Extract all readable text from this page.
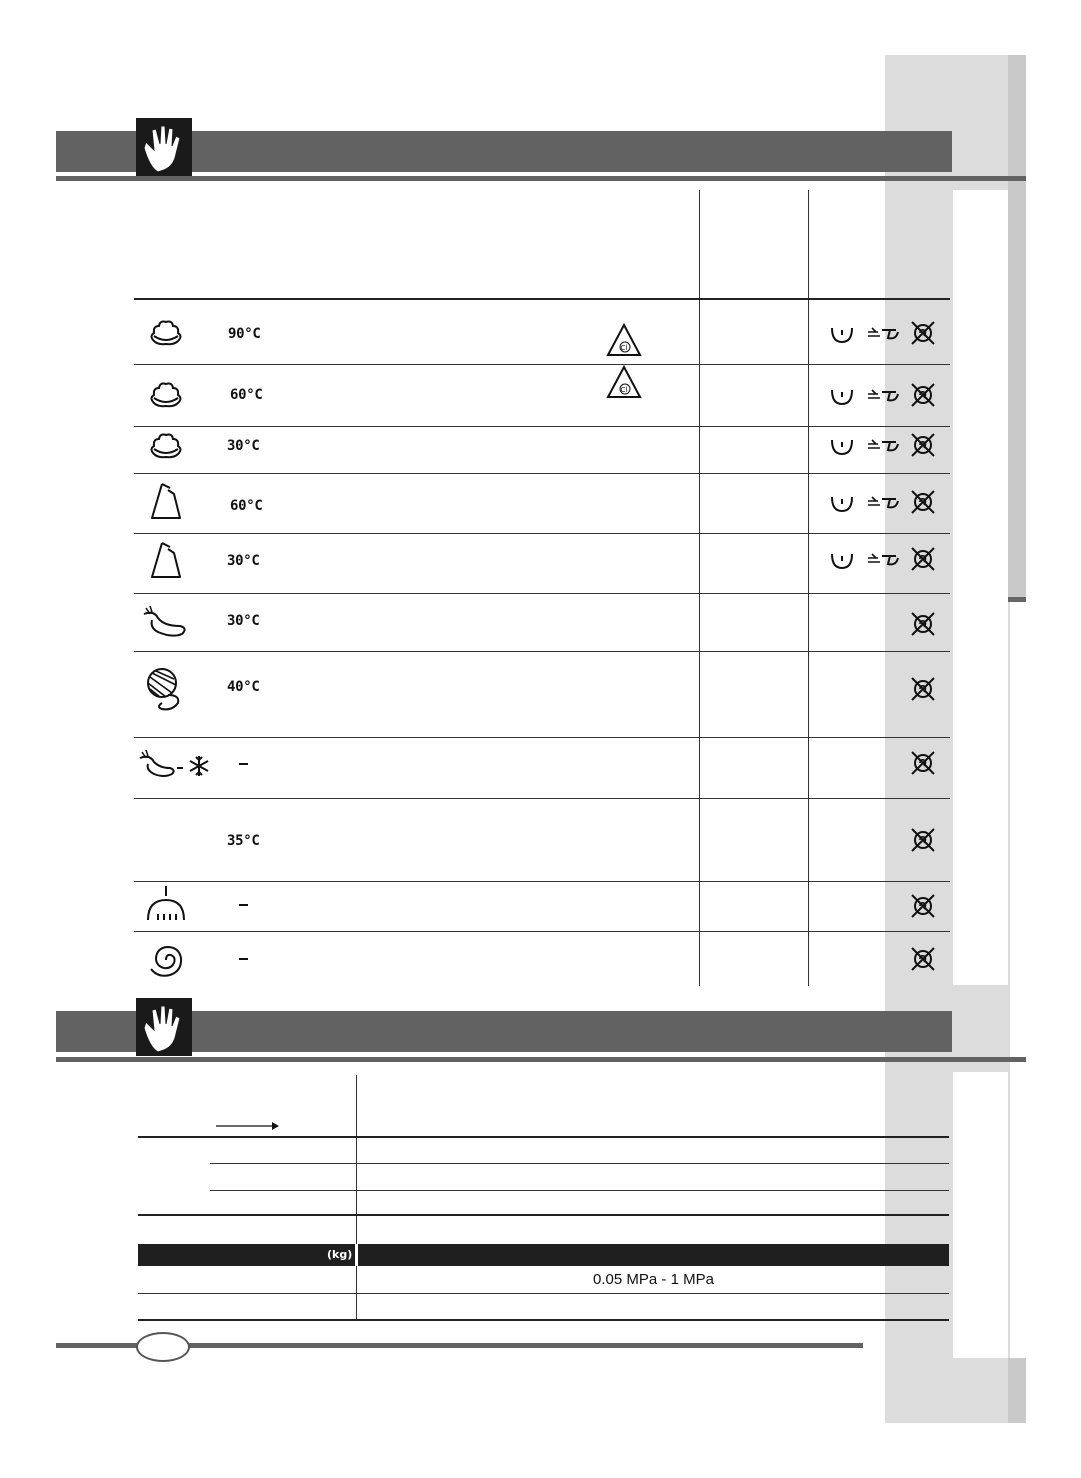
90°C
60°C
30°C
60°C
30°C
30°C
40°C
35°C
Cl
Cl
(kg)
0.05 MPa - 1 MPa
